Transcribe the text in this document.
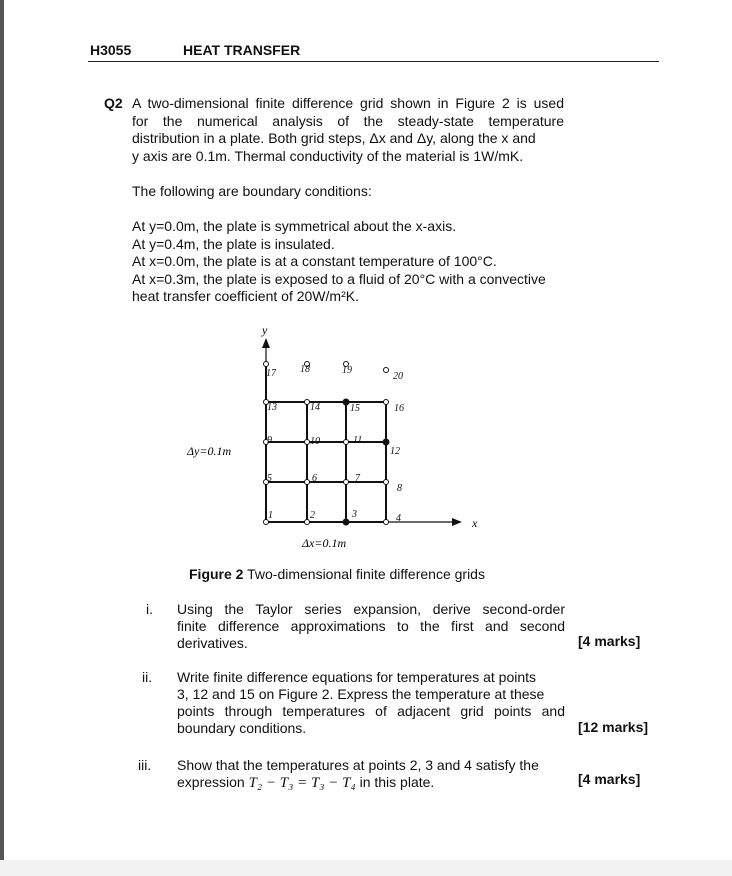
H3055	HEAT TRANSFER
Q2 A two-dimensional finite difference grid shown in Figure 2 is used
for the numerical analysis of the steady-state temperature
distribution in a plate. Both grid steps, Δx and Δy, along the x and
y axis are 0.1m. Thermal conductivity of the material is 1W/mK.

The following are boundary conditions:

At y=0.0m, the plate is symmetrical about the x-axis.
At y=0.4m, the plate is insulated.
At x=0.0m, the plate is at a constant temperature of 100°C.
At x=0.3m, the plate is exposed to a fluid of 20°C with a convective
heat transfer coefficient of 20W/m²K.

y
x
1	2	3	4
5	6	7
8
9	10	11
12
13	14	15	16
17 18	19
20
Δy=0.1m
Δx=0.1m
Figure 2 Two-dimensional finite difference grids
i. Using the Taylor series expansion, derive second-order
finite difference approximations to the first and second
derivatives.	[4 marks]
ii. Write finite difference equations for temperatures at points
3, 12 and 15 on Figure 2. Express the temperature at these
points through temperatures of adjacent grid points and
boundary conditions.	[12 marks]
iii. Show that the temperatures at points 2, 3 and 4 satisfy the
expression T₂ − T₃ = T₃ − T₄ in this plate.	[4 marks]
